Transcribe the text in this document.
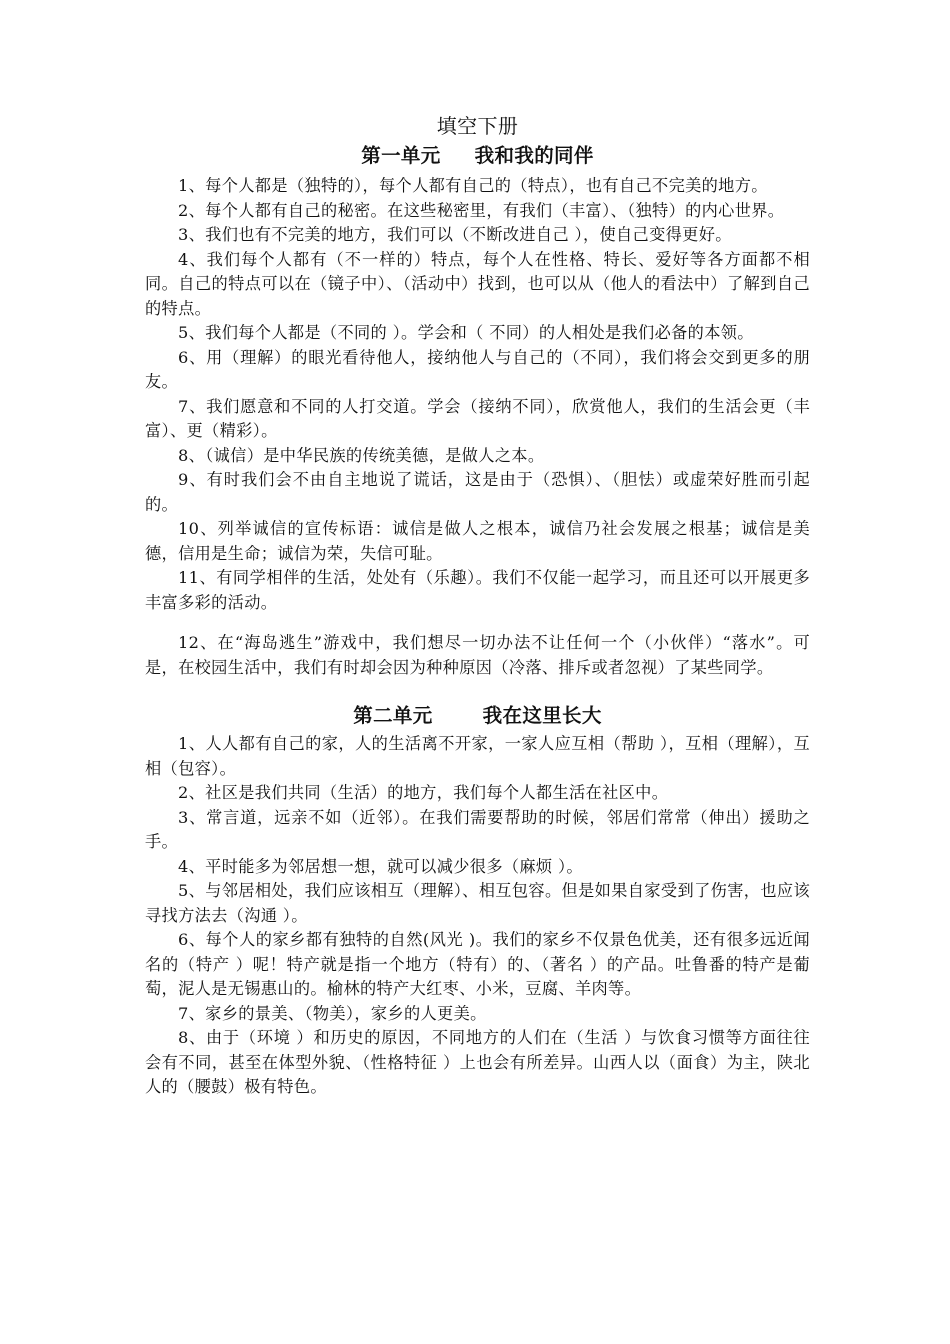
填空下册
第一单元 我和我的同伴

1、每个人都是（独特的），每个人都有自己的（特点），也有自己不完美的地方。

2、每个人都有自己的秘密。在这些秘密里，有我们（丰富）、（独特）的内心世界。

3、我们也有不完美的地方，我们可以（不断改进自己 ），使自己变得更好。

4、我们每个人都有（不一样的）特点，每个人在性格、特长、爱好等各方面都不相同。自己的特点可以在（镜子中）、（活动中）找到，也可以从（他人的看法中）了解到自己的特点。

5、我们每个人都是（不同的 ）。学会和（ 不同）的人相处是我们必备的本领。

6、用（理解）的眼光看待他人，接纳他人与自己的（不同），我们将会交到更多的朋友。

7、我们愿意和不同的人打交道。学会（接纳不同），欣赏他人，我们的生活会更（丰富）、更（精彩）。

8、（诚信）是中华民族的传统美德，是做人之本。

9、有时我们会不由自主地说了谎话，这是由于（恐惧）、（胆怯）或虚荣好胜而引起的。

10、列举诚信的宣传标语：诚信是做人之根本，诚信乃社会发展之根基；诚信是美德，信用是生命；诚信为荣，失信可耻。

11、有同学相伴的生活，处处有（乐趣）。我们不仅能一起学习，而且还可以开展更多丰富多彩的活动。

12、在“海岛逃生”游戏中，我们想尽一切办法不让任何一个（小伙伴）“落水”。可是，在校园生活中，我们有时却会因为种种原因（冷落、排斥或者忽视）了某些同学。

第二单元	我在这里长大

1、人人都有自己的家，人的生活离不开家，一家人应互相（帮助 ），互相（理解），互相（包容）。

2、社区是我们共同（生活）的地方，我们每个人都生活在社区中。

3、常言道，远亲不如（近邻）。在我们需要帮助的时候，邻居们常常（伸出）援助之手。

4、平时能多为邻居想一想，就可以减少很多（麻烦 ）。

5、与邻居相处，我们应该相互（理解）、相互包容。但是如果自家受到了伤害，也应该寻找方法去（沟通 ）。

6、每个人的家乡都有独特的自然(风光 )。我们的家乡不仅景色优美，还有很多远近闻名的（特产 ）呢！特产就是指一个地方（特有）的、（著名 ）的产品。吐鲁番的特产是葡萄，泥人是无锡惠山的。榆林的特产大红枣、小米，豆腐、羊肉等。

7、家乡的景美、（物美），家乡的人更美。

8、由于（环境 ）和历史的原因，不同地方的人们在（生活 ）与饮食习惯等方面往往会有不同，甚至在体型外貌、（性格特征 ）上也会有所差异。山西人以（面食）为主，陕北人的（腰鼓）极有特色。
